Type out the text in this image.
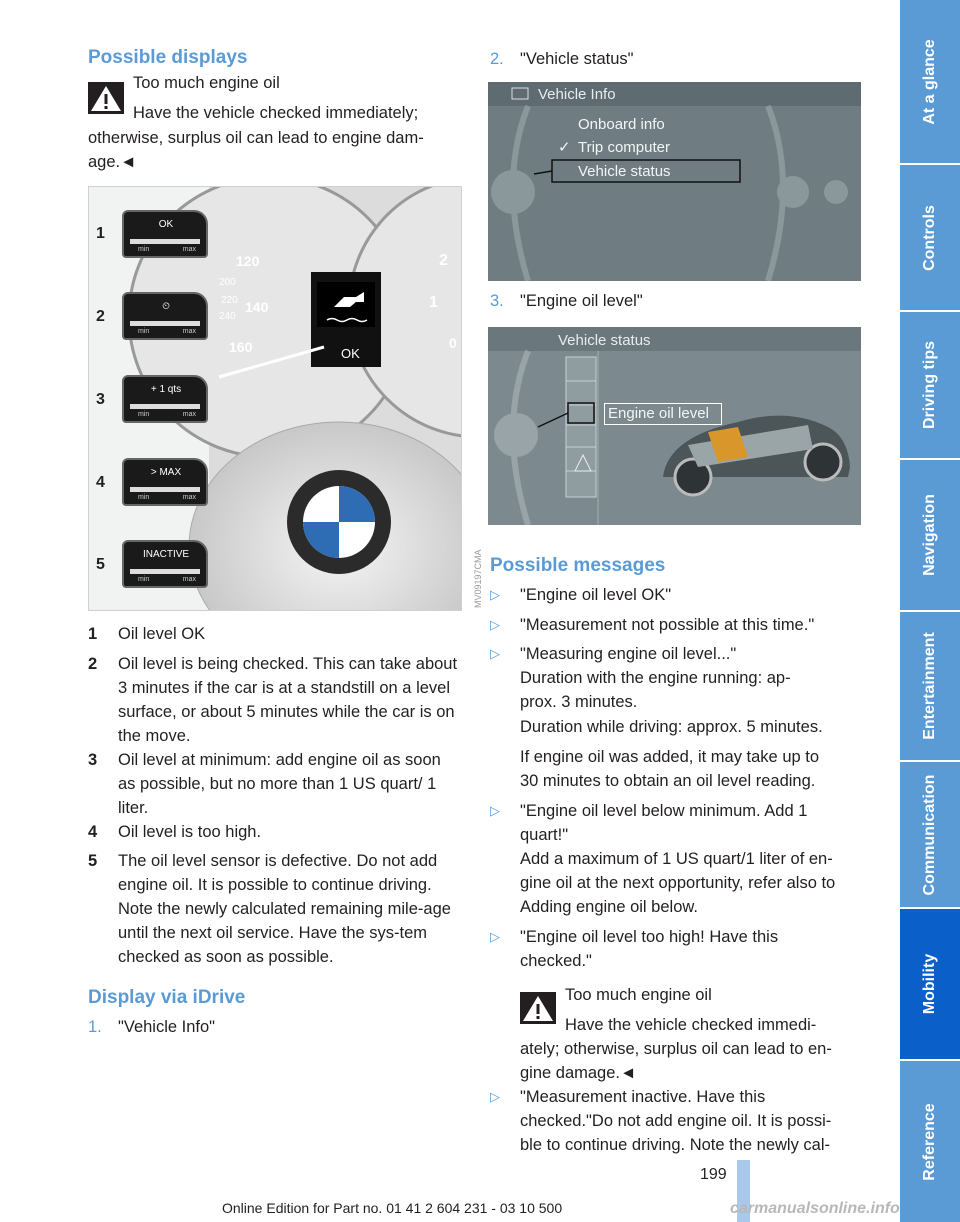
Possible displays
Too much engine oil
Have the vehicle checked immediately;
otherwise, surplus oil can lead to engine dam-
age.◄
OK
120
140
160
200
220
240
2
1
0
MV09197CMA
1
2
3
4
5
OK
min	max
⏲
min	max
+ 1 qts
min	max
> MAX
min	max
INACTIVE
min	max
1	Oil level OK
2	Oil level is being checked. This can take about 3 minutes if the car is at a standstill on a level surface, or about 5 minutes while the car is on the move.
3	Oil level at minimum: add engine oil as soon as possible, but no more than 1 US quart/ 1 liter.
4	Oil level is too high.
5	The oil level sensor is defective. Do not add engine oil. It is possible to continue driving. Note the newly calculated remaining mile-age until the next oil service. Have the sys-tem checked as soon as possible.
Display via iDrive
1. "Vehicle Info"
2. "Vehicle status"
Vehicle Info
Onboard info
✓ Trip computer
Vehicle status
3. "Engine oil level"
Vehicle status
Engine oil level
Possible messages
▷	"Engine oil level OK"
▷	"Measurement not possible at this time."
▷	"Measuring engine oil level..."
Duration with the engine running: ap-
prox. 3 minutes.
Duration while driving: approx. 5 minutes.
If engine oil was added, it may take up to
30 minutes to obtain an oil level reading.
▷	"Engine oil level below minimum. Add 1
quart!"
Add a maximum of 1 US quart/1 liter of en-
gine oil at the next opportunity, refer also to
Adding engine oil below.
▷	"Engine oil level too high! Have this
checked."
Too much engine oil
Have the vehicle checked immedi-
ately; otherwise, surplus oil can lead to en-
gine damage.◄
▷	"Measurement inactive. Have this
checked."Do not add engine oil. It is possi-
ble to continue driving. Note the newly cal-
199
Online Edition for Part no. 01 41 2 604 231 - 03 10 500	carmanualsonline.info
At a glance
Controls
Driving tips
Navigation
Entertainment
Communication
Mobility
Reference
